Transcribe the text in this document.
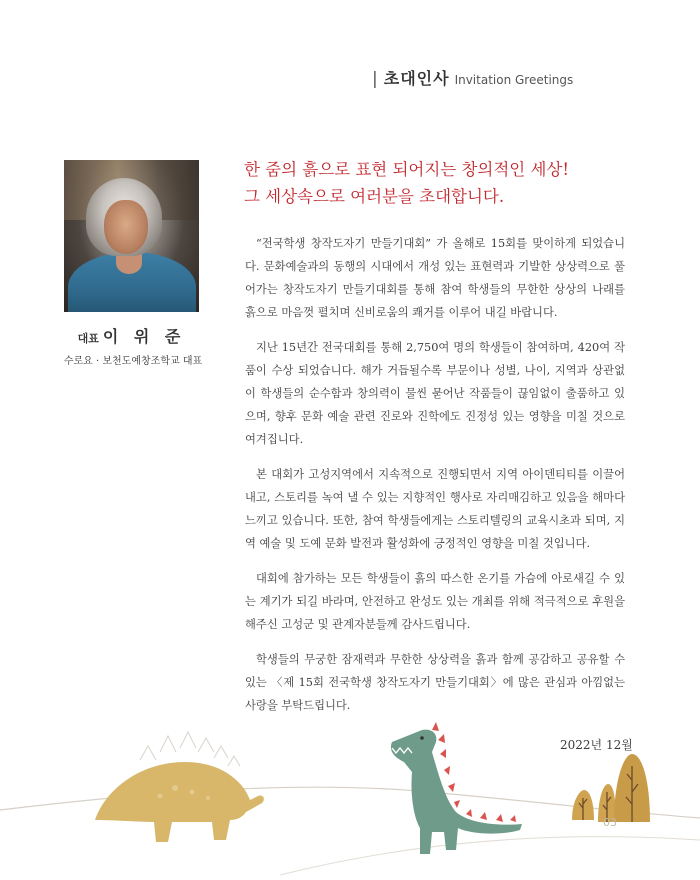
| 초대인사 Invitation Greetings
대표 이 위 준
수로요 · 보천도예창조학교 대표
한 줌의 흙으로 표현 되어지는 창의적인 세상!
그 세상속으로 여러분을 초대합니다.

“전국학생 창작도자기 만들기대회” 가 올해로 15회를 맞이하게 되었습니다. 문화예술과의 동행의 시대에서 개성 있는 표현력과 기발한 상상력으로 풀어가는 창작도자기 만들기대회를 통해 참여 학생들의 무한한 상상의 나래를 흙으로 마음껏 펼치며 신비로움의 쾌거를 이루어 내길 바랍니다.

지난 15년간 전국대회를 통해 2,750여 명의 학생들이 참여하며, 420여 작품이 수상 되었습니다. 해가 거듭될수록 부문이나 성별, 나이, 지역과 상관없이 학생들의 순수함과 창의력이 물씬 묻어난 작품들이 끊임없이 출품하고 있으며, 향후 문화 예술 관련 진로와 진학에도 진정성 있는 영향을 미칠 것으로 여겨집니다.

본 대회가 고성지역에서 지속적으로 진행되면서 지역 아이덴티티를 이끌어내고, 스토리를 녹여 낼 수 있는 지향적인 행사로 자리매김하고 있음을 해마다 느끼고 있습니다. 또한, 참여 학생들에게는 스토리텔링의 교육시초과 되며, 지역 예술 및 도예 문화 발전과 활성화에 긍정적인 영향을 미칠 것입니다.

대회에 참가하는 모든 학생들이 흙의 따스한 온기를 가슴에 아로새길 수 있는 계기가 되길 바라며, 안전하고 완성도 있는 개최를 위해 적극적으로 후원을 해주신 고성군 및 관계자분들께 감사드립니다.

학생들의 무궁한 잠재력과 무한한 상상력을 흙과 함께 공감하고 공유할 수 있는 〈제 15회 전국학생 창작도자기 만들기대회〉에 많은 관심과 아낌없는 사랑을 부탁드립니다.

2022년 12월
03
